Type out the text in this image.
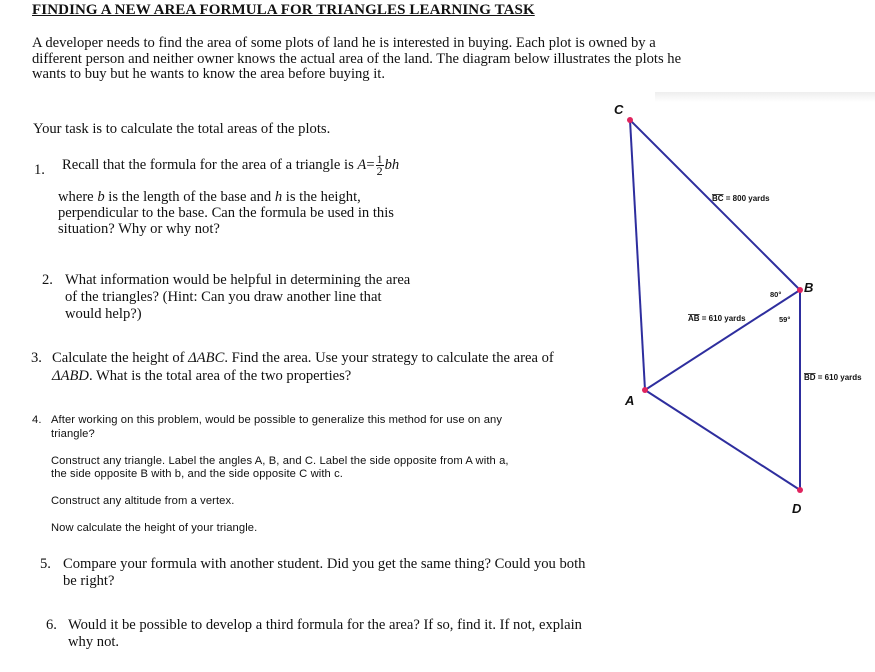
FINDING A NEW AREA FORMULA FOR TRIANGLES LEARNING TASK
A developer needs to find the area of some plots of land he is interested in buying. Each plot is owned by a different person and neither owner knows the actual area of the land. The diagram below illustrates the plots he wants to buy but he wants to know the area before buying it.
Your task is to calculate the total areas of the plots.
1. Recall that the formula for the area of a triangle is $A= \frac{1}{2}$ bh
where b is the length of the base and h is the height,
perpendicular to the base. Can the formula be used in this
situation? Why or why not?
2. What information would be helpful in determining the area
of the triangles? (Hint: Can you draw another line that
would help?)
3. Calculate the height of ΔABC. Find the area. Use your strategy to calculate the area of
ΔABD. What is the total area of the two properties?
4. After working on this problem, would be possible to generalize this method for use on any
triangle?
Construct any triangle. Label the angles A, B, and C. Label the side opposite from A with a,
the side opposite B with b, and the side opposite C with c.
Construct any altitude from a vertex.
Now calculate the height of your triangle.
5. Compare your formula with another student. Did you get the same thing? Could you both
be right?
6. Would it be possible to develop a third formula for the area? If so, find it. If not, explain
why not.
C
B
A
D
BC = 800 yards
AB = 610 yards
BD = 610 yards
80°
59°
